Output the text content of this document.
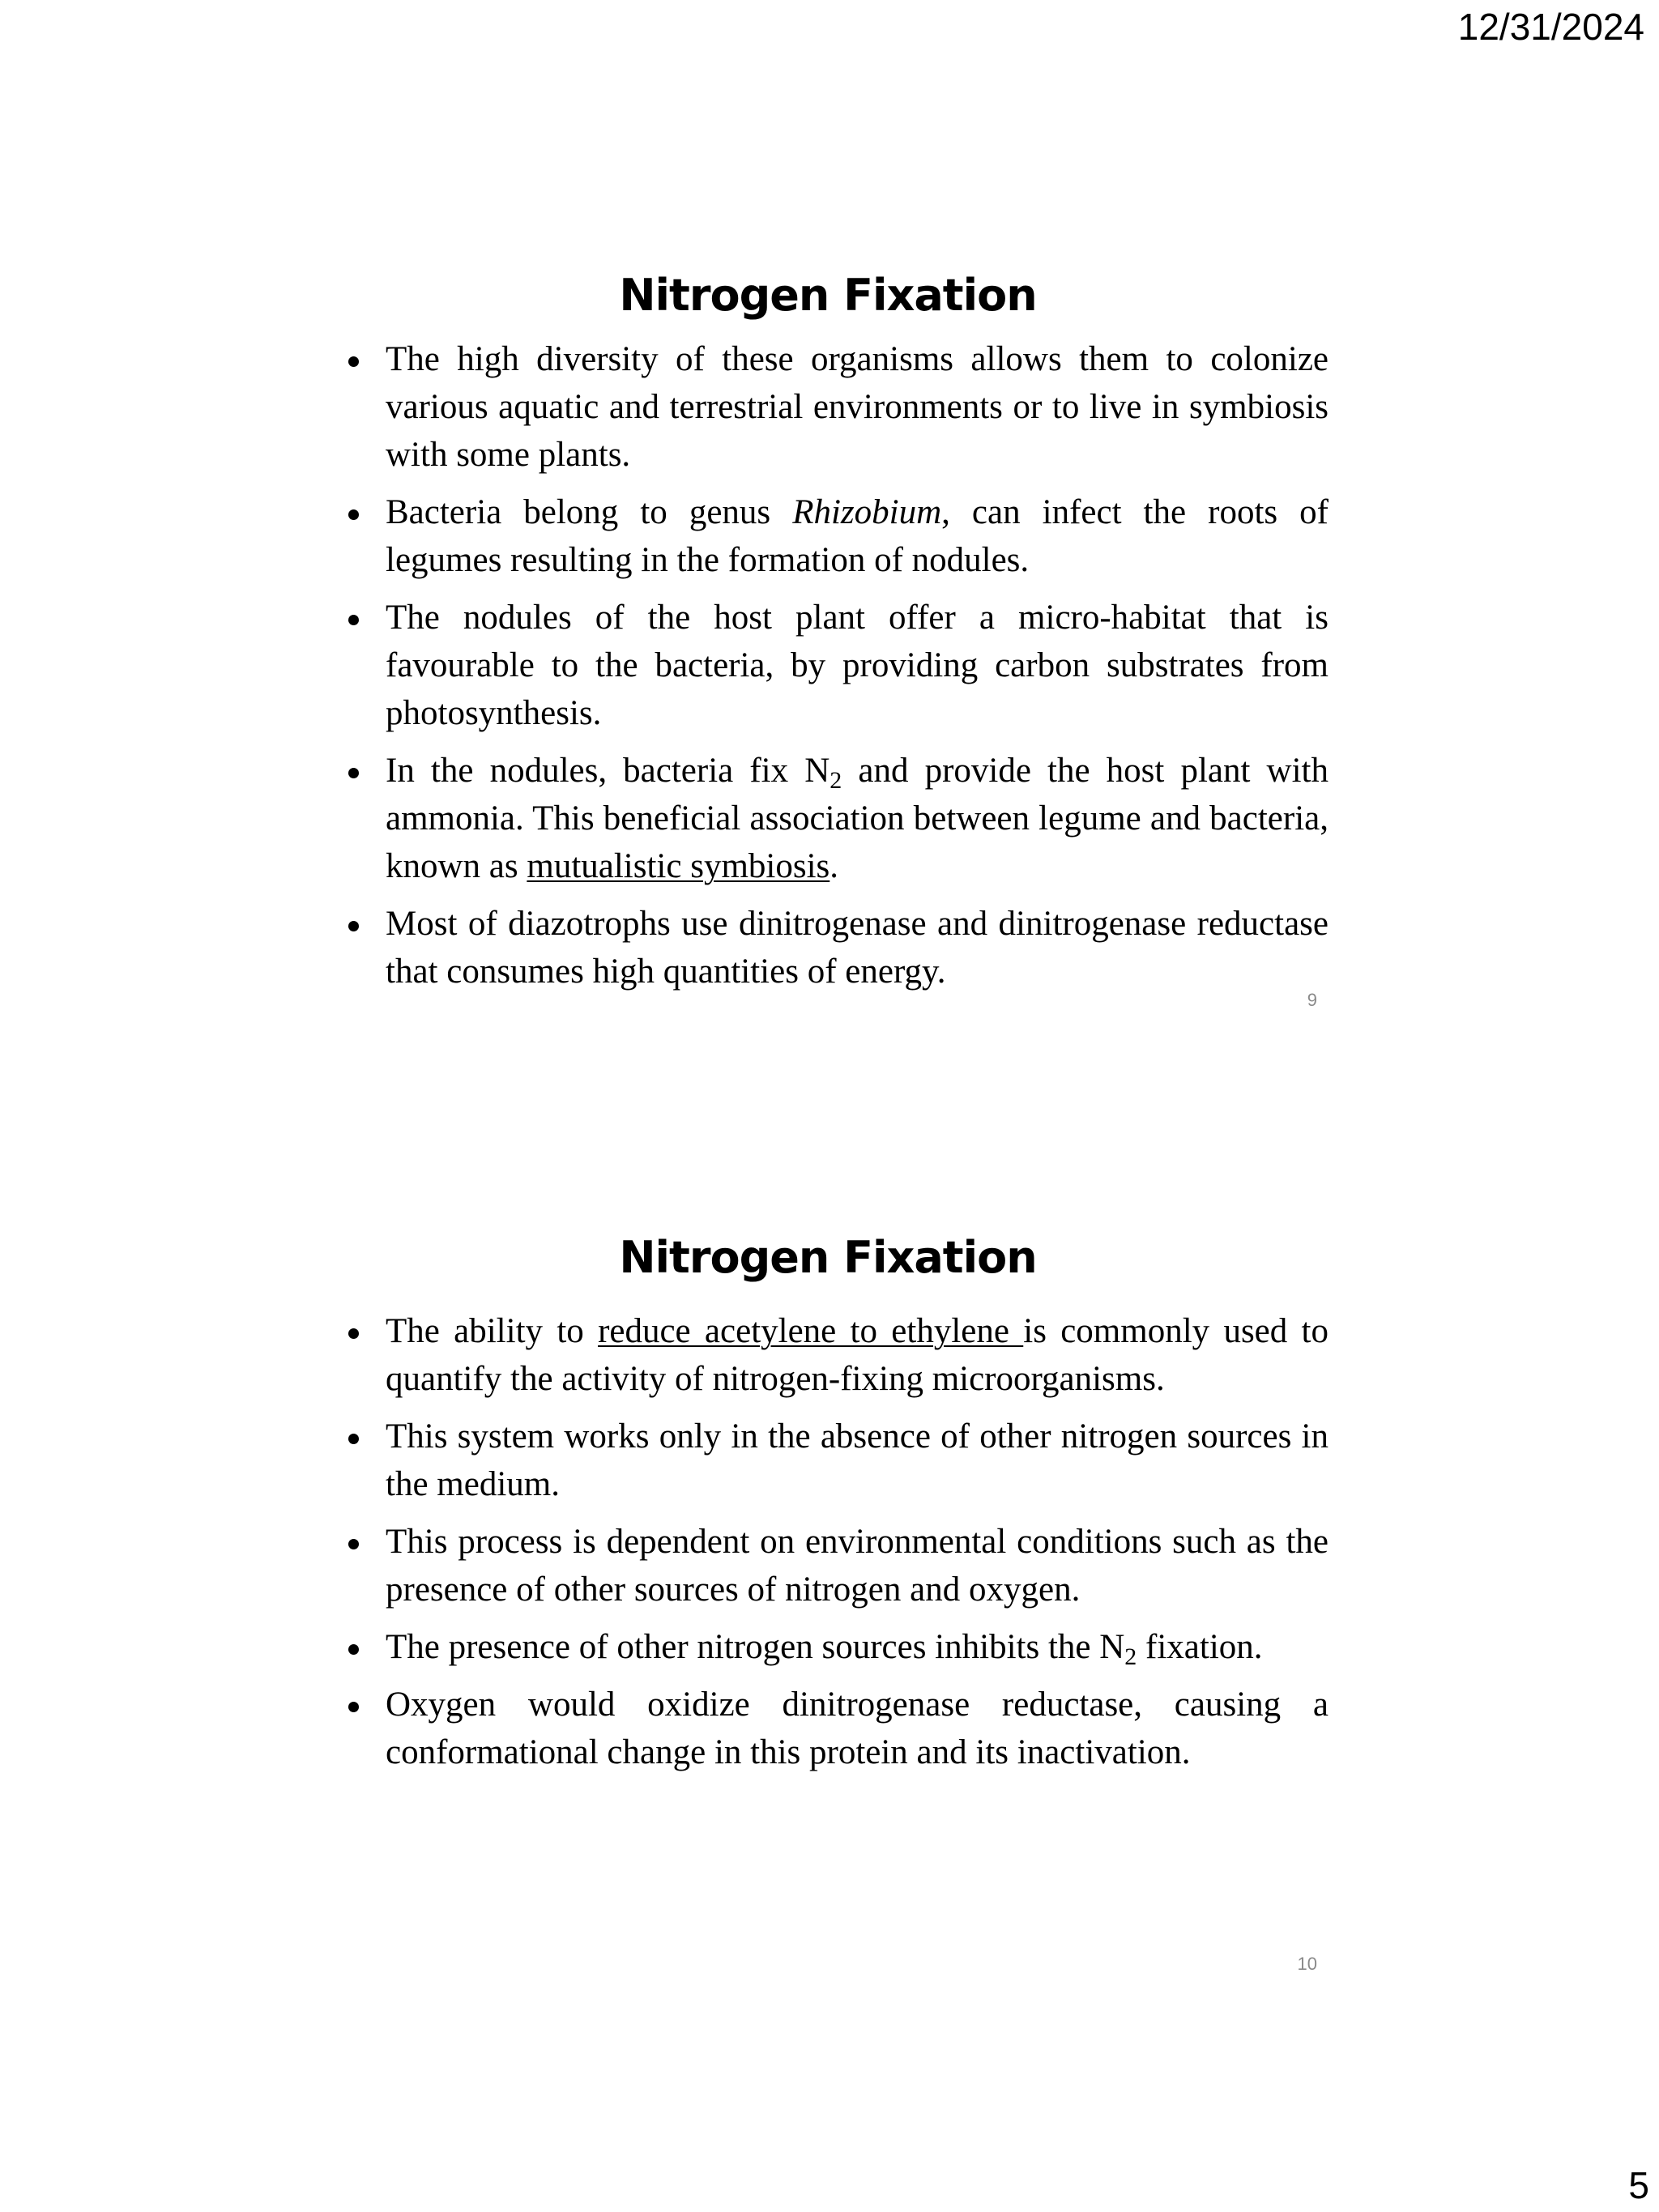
12/31/2024
Nitrogen Fixation
The high diversity of these organisms allows them to colonize various aquatic and terrestrial environments or to live in symbiosis with some plants.
Bacteria belong to genus Rhizobium, can infect the roots of legumes resulting in the formation of nodules.
The nodules of the host plant offer a micro-habitat that is favourable to the bacteria, by providing carbon substrates from photosynthesis.
In the nodules, bacteria fix $N_2$ and provide the host plant with ammonia. This beneficial association between legume and bacteria, known as mutualistic symbiosis.
Most of diazotrophs use dinitrogenase and dinitrogenase reductase that consumes high quantities of energy.
9
Nitrogen Fixation
The ability to reduce acetylene to ethylene is commonly used to quantify the activity of nitrogen-fixing microorganisms.
This system works only in the absence of other nitrogen sources in the medium.
This process is dependent on environmental conditions such as the presence of other sources of nitrogen and oxygen.
The presence of other nitrogen sources inhibits the $N_2$ fixation.
Oxygen would oxidize dinitrogenase reductase, causing a conformational change in this protein and its inactivation.
10
5
